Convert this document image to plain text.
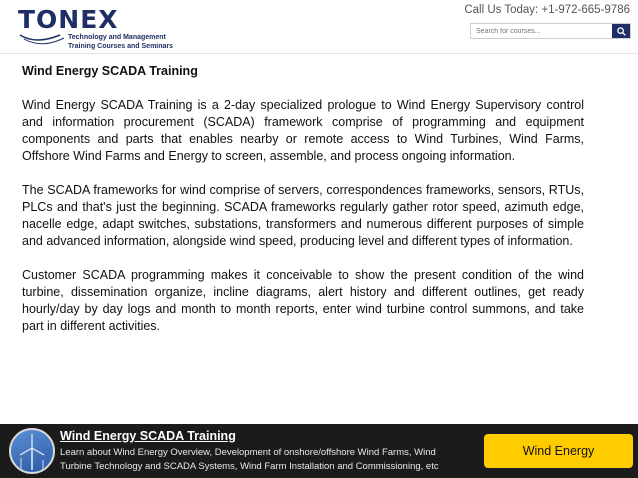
TONEX
Technology and Management
Training Courses and Seminars
Call Us Today: +1-972-665-9786
Search for courses...
Wind Energy SCADA Training

Wind Energy SCADA Training is a 2-day specialized prologue to Wind Energy Supervisory control and information procurement (SCADA) framework comprise of programming and equipment components and parts that enables nearby or remote access to Wind Turbines, Wind Farms, Offshore Wind Farms and Energy to screen, assemble, and process ongoing information.

The SCADA frameworks for wind comprise of servers, correspondences frameworks, sensors, RTUs, PLCs and that's just the beginning. SCADA frameworks regularly gather rotor speed, azimuth edge, nacelle edge, adapt switches, substations, transformers and numerous different purposes of simple and advanced information, alongside wind speed, producing level and different types of information.

Customer SCADA programming makes it conceivable to show the present condition of the wind turbine, dissemination organize, incline diagrams, alert history and different outlines, get ready hourly/day by day logs and month to month reports, enter wind turbine control summons, and take part in different activities.

Wind Energy SCADA Training
Learn about Wind Energy Overview, Development of onshore/offshore Wind Farms, Wind Turbine Technology and SCADA Systems, Wind Farm Installation and Commissioning, etc
Wind Energy
